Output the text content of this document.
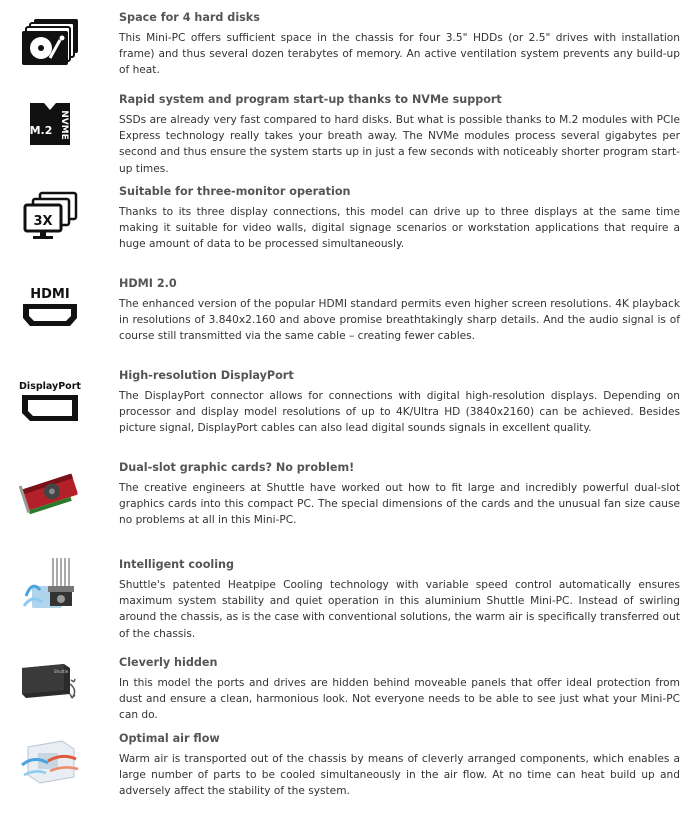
Space for 4 hard disks

This Mini-PC offers sufficient space in the chassis for four 3.5" HDDs (or 2.5" drives with installation frame) and thus several dozen terabytes of memory. An active ventilation system prevents any build-up of heat.

M.2 NVME
Rapid system and program start-up thanks to NVMe support

SSDs are already very fast compared to hard disks. But what is possible thanks to M.2 modules with PCIe Express technology really takes your breath away. The NVMe modules process several gigabytes per second and thus ensure the system starts up in just a few seconds with noticeably shorter program start-up times.

3X
Suitable for three-monitor operation

Thanks to its three display connections, this model can drive up to three displays at the same time making it suitable for video walls, digital signage scenarios or workstation applications that require a huge amount of data to be processed simultaneously.

HDMI
HDMI 2.0

The enhanced version of the popular HDMI standard permits even higher screen resolutions. 4K playback in resolutions of 3.840x2.160 and above promise breathtakingly sharp details. And the audio signal is of course still transmitted via the same cable – creating fewer cables.

DisplayPort
High-resolution DisplayPort

The DisplayPort connector allows for connections with digital high-resolution displays. Depending on processor and display model resolutions of up to 4K/Ultra HD (3840x2160) can be achieved. Besides picture signal, DisplayPort cables can also lead digital sounds signals in excellent quality.

Dual-slot graphic cards? No problem!

The creative engineers at Shuttle have worked out how to fit large and incredibly powerful dual-slot graphics cards into this compact PC. The special dimensions of the cards and the unusual fan size cause no problems at all in this Mini-PC.

Intelligent cooling

Shuttle's patented Heatpipe Cooling technology with variable speed control automatically ensures maximum system stability and quiet operation in this aluminium Shuttle Mini-PC. Instead of swirling around the chassis, as is the case with conventional solutions, the warm air is specifically transferred out of the chassis.

Shuttle
Cleverly hidden

In this model the ports and drives are hidden behind moveable panels that offer ideal protection from dust and ensure a clean, harmonious look. Not everyone needs to be able to see just what your Mini-PC can do.

Optimal air flow

Warm air is transported out of the chassis by means of cleverly arranged components, which enables a large number of parts to be cooled simultaneously in the air flow. At no time can heat build up and adversely affect the stability of the system.
